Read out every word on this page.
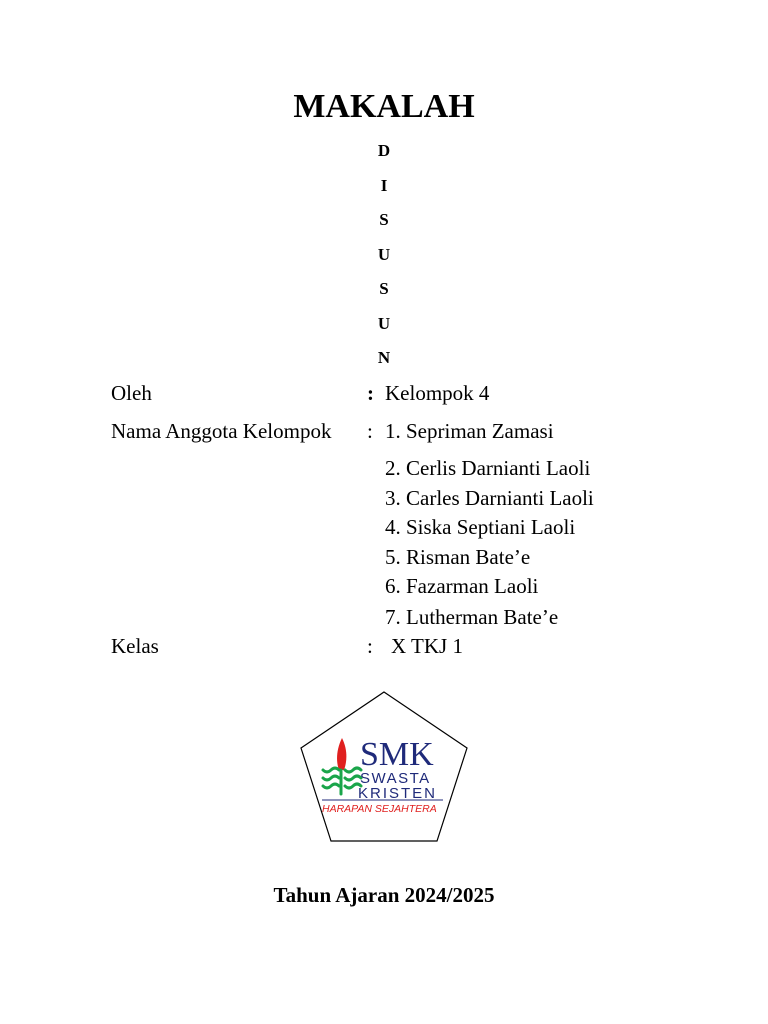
MAKALAH
D
I
S
U
S
U
N
Oleh	: Kelompok 4
Nama Anggota Kelompok : 1. Sepriman Zamasi
2. Cerlis Darnianti Laoli
3. Carles Darnianti Laoli
4. Siska Septiani Laoli
5. Risman Bate’e
6. Fazarman Laoli
7. Lutherman Bate’e
Kelas	: X TKJ 1
SMK
SWASTA
KRISTEN
HARAPAN SEJAHTERA
Tahun Ajaran 2024/2025
